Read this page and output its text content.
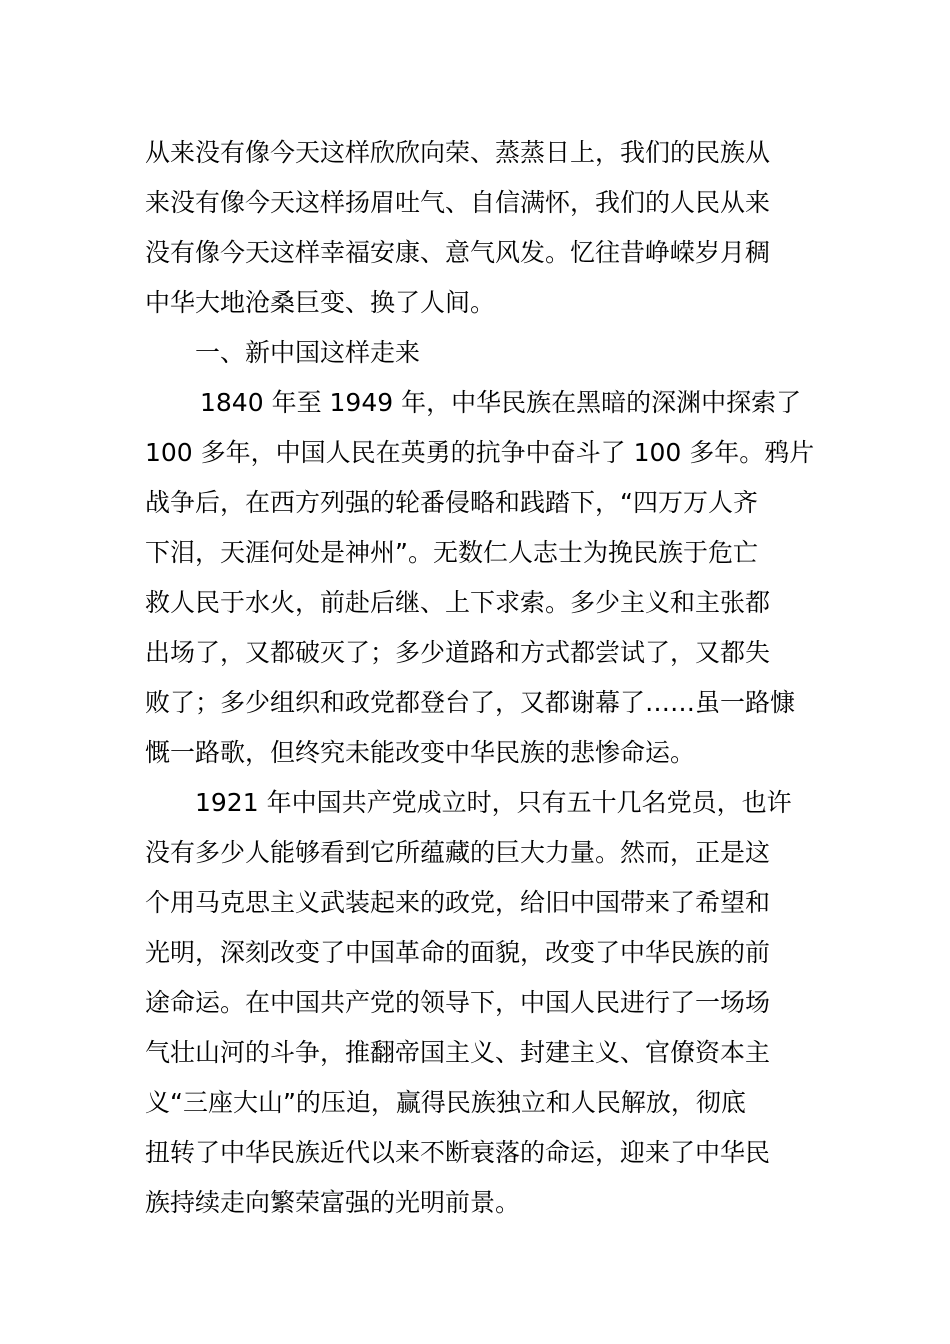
从来没有像今天这样欣欣向荣、蒸蒸日上，我们的民族从
来没有像今天这样扬眉吐气、自信满怀，我们的人民从来
没有像今天这样幸福安康、意气风发。忆往昔峥嵘岁月稠
中华大地沧桑巨变、换了人间。
一、新中国这样走来
1840 年至 1949 年，中华民族在黑暗的深渊中探索了
100 多年，中国人民在英勇的抗争中奋斗了 100 多年。鸦片
战争后，在西方列强的轮番侵略和践踏下，“四万万人齐
下泪，天涯何处是神州”。无数仁人志士为挽民族于危亡
救人民于水火，前赴后继、上下求索。多少主义和主张都
出场了，又都破灭了；多少道路和方式都尝试了，又都失
败了；多少组织和政党都登台了，又都谢幕了……虽一路慷
慨一路歌，但终究未能改变中华民族的悲惨命运。
1921 年中国共产党成立时，只有五十几名党员，也许
没有多少人能够看到它所蕴藏的巨大力量。然而，正是这
个用马克思主义武装起来的政党，给旧中国带来了希望和
光明，深刻改变了中国革命的面貌，改变了中华民族的前
途命运。在中国共产党的领导下，中国人民进行了一场场
气壮山河的斗争，推翻帝国主义、封建主义、官僚资本主
义“三座大山”的压迫，赢得民族独立和人民解放，彻底
扭转了中华民族近代以来不断衰落的命运，迎来了中华民
族持续走向繁荣富强的光明前景。
